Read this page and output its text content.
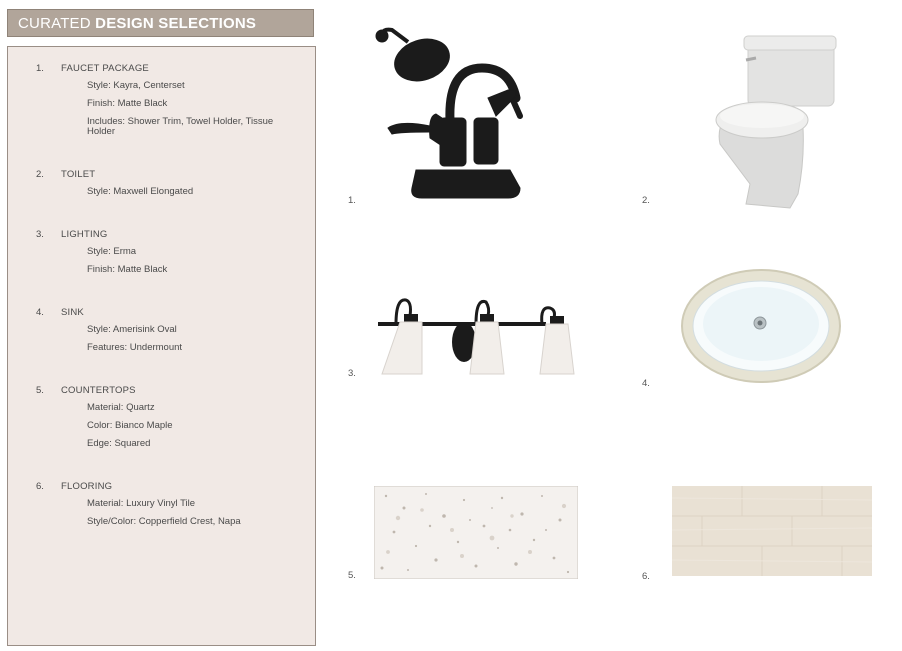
CURATED DESIGN SELECTIONS
1. FAUCET PACKAGE
Style: Kayra, Centerset
Finish: Matte Black
Includes: Shower Trim, Towel Holder, Tissue Holder
2. TOILET
Style: Maxwell Elongated
3. LIGHTING
Style: Erma
Finish: Matte Black
4. SINK
Style: Amerisink Oval
Features: Undermount
5. COUNTERTOPS
Material: Quartz
Color: Bianco Maple
Edge: Squared
6. FLOORING
Material: Luxury Vinyl Tile
Style/Color: Copperfield Crest, Napa
1.	2.
3.
4.
5.	6.
